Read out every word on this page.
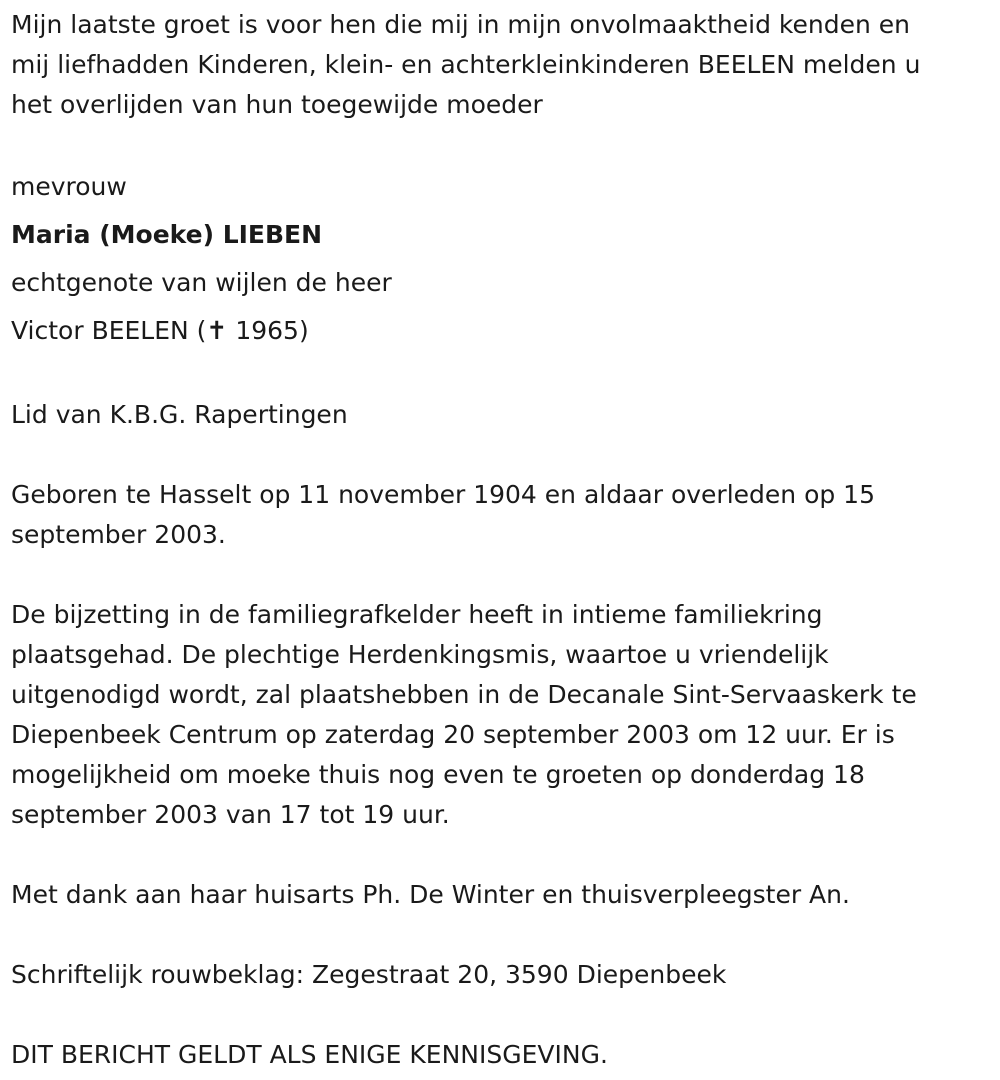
Mijn laatste groet is voor hen die mij in mijn onvolmaaktheid kenden en

mij liefhadden Kinderen, klein- en achterkleinkinderen BEELEN melden u

het overlijden van hun toegewijde moeder

mevrouw

Maria (Moeke) LIEBEN

echtgenote van wijlen de heer

Victor BEELEN (✝ 1965)

Lid van K.B.G. Rapertingen

Geboren te Hasselt op 11 november 1904 en aldaar overleden op 15

september 2003.

De bijzetting in de familiegrafkelder heeft in intieme familiekring

plaatsgehad. De plechtige Herdenkingsmis, waartoe u vriendelijk

uitgenodigd wordt, zal plaatshebben in de Decanale Sint-Servaaskerk te

Diepenbeek Centrum op zaterdag 20 september 2003 om 12 uur. Er is

mogelijkheid om moeke thuis nog even te groeten op donderdag 18

september 2003 van 17 tot 19 uur.

Met dank aan haar huisarts Ph. De Winter en thuisverpleegster An.

Schriftelijk rouwbeklag: Zegestraat 20, 3590 Diepenbeek

DIT BERICHT GELDT ALS ENIGE KENNISGEVING.
